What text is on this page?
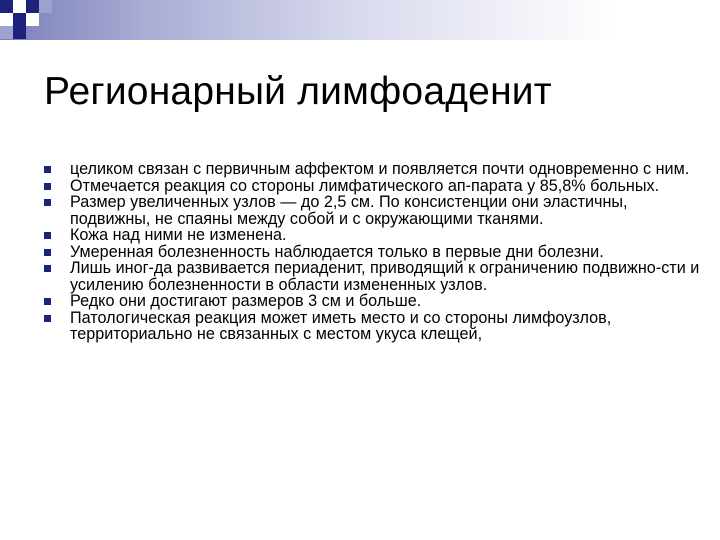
Регионарный лимфоаденит
целиком связан с первичным аффектом и появляется почти одновременно с ним.
Отмечается реакция со стороны лимфатического ап-парата у 85,8% больных.
Размер увеличенных узлов — до 2,5 см. По консистенции они эластичны, подвижны, не спаяны между собой и с окружающими тканями.
Кожа над ними не изменена.
Умеренная болезненность наблюдается только в первые дни болезни.
Лишь иног-да развивается периаденит, приводящий к ограничению подвижно-сти и усилению болезненности в области измененных узлов.
Редко они достигают размеров 3 см и больше.
Патологическая реакция может иметь место и со стороны лимфоузлов, территориально не связанных с местом укуса клещей,
